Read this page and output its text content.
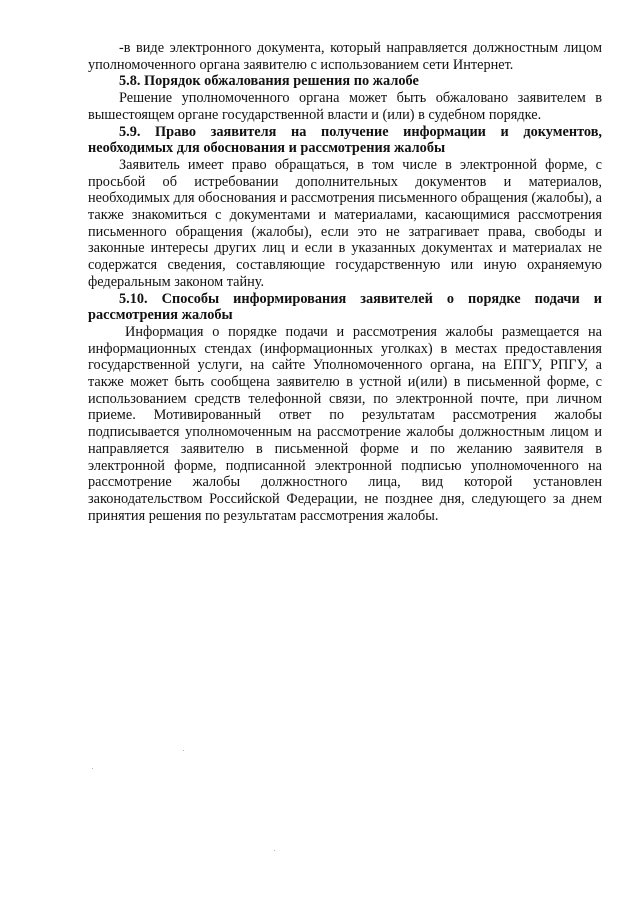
-в виде электронного документа, который направляется должностным лицом уполномоченного органа заявителю с использованием сети Интернет.

5.8. Порядок обжалования решения по жалобе

Решение уполномоченного органа может быть обжаловано заявителем в вышестоящем органе государственной власти и (или) в судебном порядке.

5.9. Право заявителя на получение информации и документов, необходимых для обоснования и рассмотрения жалобы

Заявитель имеет право обращаться, в том числе в электронной форме, с просьбой об истребовании дополнительных документов и материалов, необходимых для обоснования и рассмотрения письменного обращения (жалобы), а также знакомиться с документами и материалами, касающимися рассмотрения письменного обращения (жалобы), если это не затрагивает права, свободы и законные интересы других лиц и если в указанных документах и материалах не содержатся сведения, составляющие государственную или иную охраняемую федеральным законом тайну.

5.10. Способы информирования заявителей о порядке подачи и рассмотрения жалобы

Информация о порядке подачи и рассмотрения жалобы размещается на информационных стендах (информационных уголках) в местах предоставления государственной услуги, на сайте Уполномоченного органа, на ЕПГУ, РПГУ, а также может быть сообщена заявителю в устной и(или) в письменной форме, с использованием средств телефонной связи, по электронной почте, при личном приеме. Мотивированный ответ по результатам рассмотрения жалобы подписывается уполномоченным на рассмотрение жалобы должностным лицом и направляется заявителю в письменной форме и по желанию заявителя в электронной форме, подписанной электронной подписью уполномоченного на рассмотрение жалобы должностного лица, вид которой установлен законодательством Российской Федерации, не позднее дня, следующего за днем принятия решения по результатам рассмотрения жалобы.
